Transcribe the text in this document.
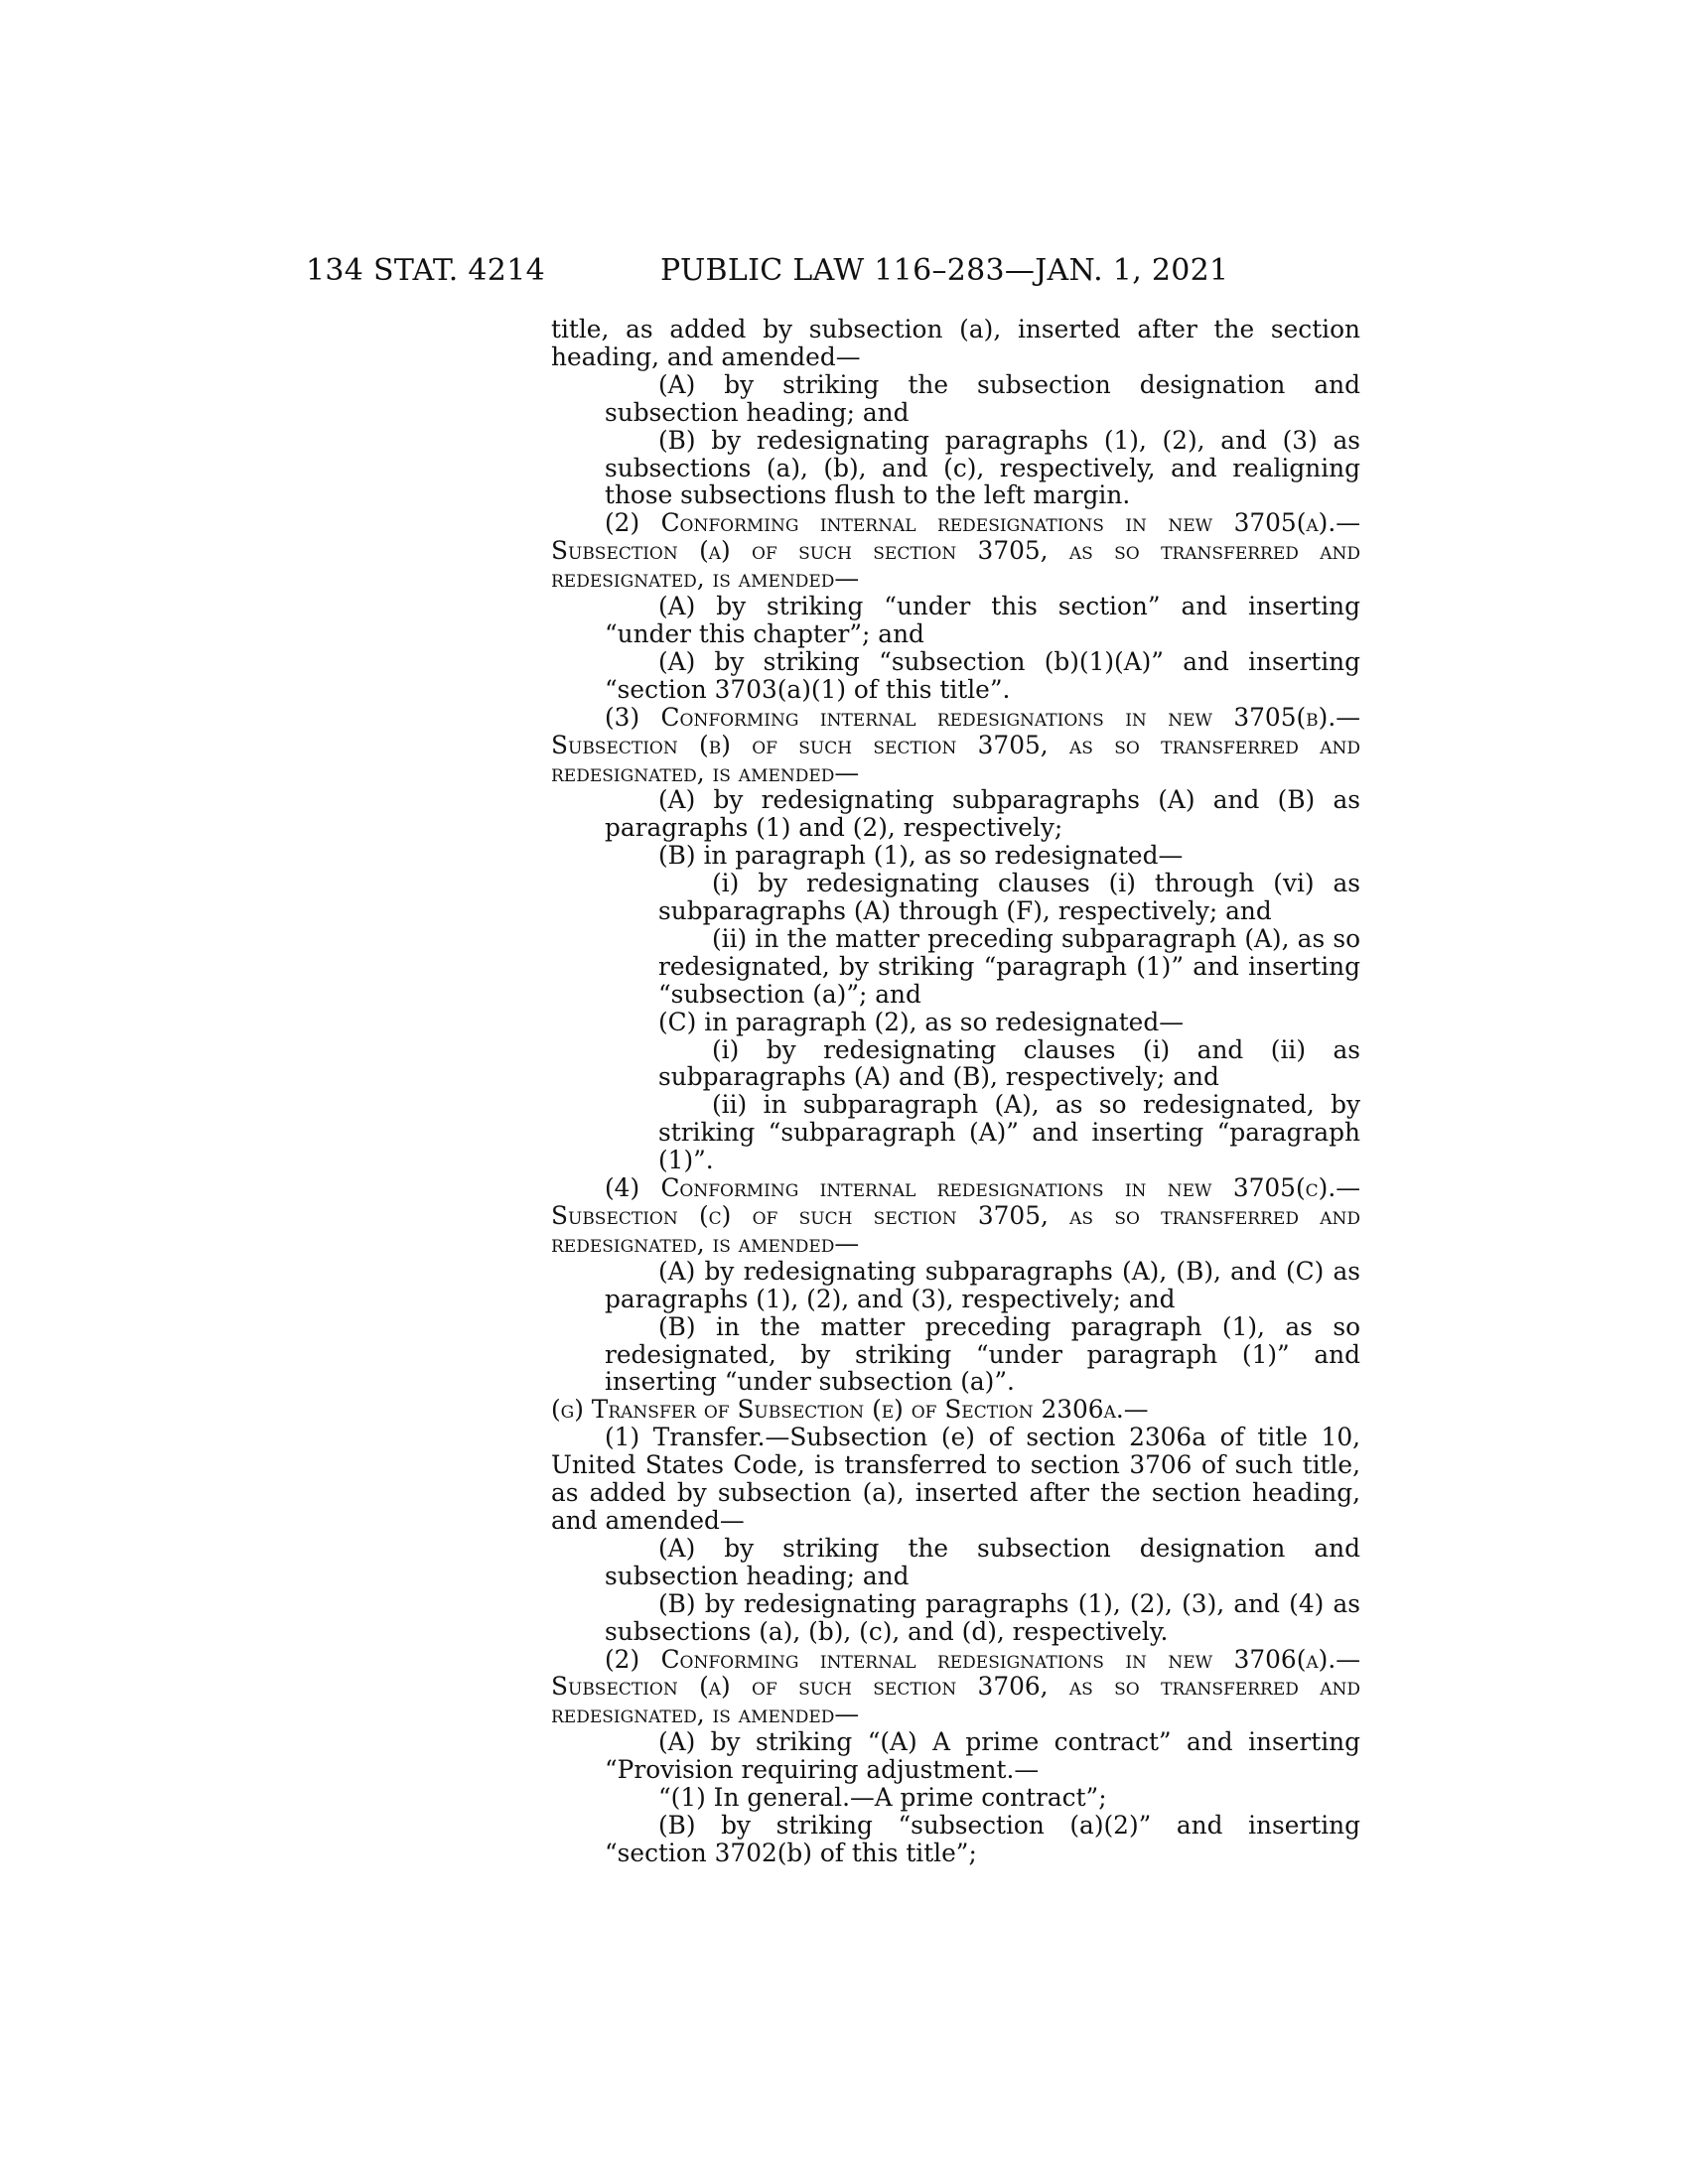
134 STAT. 4214	PUBLIC LAW 116–283—JAN. 1, 2021
title, as added by subsection (a), inserted after the section heading, and amended—
(A) by striking the subsection designation and subsection heading; and
(B) by redesignating paragraphs (1), (2), and (3) as subsections (a), (b), and (c), respectively, and realigning those subsections flush to the left margin.
(2) Conforming internal redesignations in new 3705(a).—Subsection (a) of such section 3705, as so transferred and redesignated, is amended—
(A) by striking “under this section” and inserting “under this chapter”; and
(A) by striking “subsection (b)(1)(A)” and inserting “section 3703(a)(1) of this title”.
(3) Conforming internal redesignations in new 3705(b).—Subsection (b) of such section 3705, as so transferred and redesignated, is amended—
(A) by redesignating subparagraphs (A) and (B) as paragraphs (1) and (2), respectively;
(B) in paragraph (1), as so redesignated—
(i) by redesignating clauses (i) through (vi) as subparagraphs (A) through (F), respectively; and
(ii) in the matter preceding subparagraph (A), as so redesignated, by striking “paragraph (1)” and inserting “subsection (a)”; and
(C) in paragraph (2), as so redesignated—
(i) by redesignating clauses (i) and (ii) as subparagraphs (A) and (B), respectively; and
(ii) in subparagraph (A), as so redesignated, by striking “subparagraph (A)” and inserting “paragraph (1)”.
(4) Conforming internal redesignations in new 3705(c).—Subsection (c) of such section 3705, as so transferred and redesignated, is amended—
(A) by redesignating subparagraphs (A), (B), and (C) as paragraphs (1), (2), and (3), respectively; and
(B) in the matter preceding paragraph (1), as so redesignated, by striking “under paragraph (1)” and inserting “under subsection (a)”.
(g) Transfer of Subsection (e) of Section 2306a.—
(1) Transfer.—Subsection (e) of section 2306a of title 10, United States Code, is transferred to section 3706 of such title, as added by subsection (a), inserted after the section heading, and amended—
(A) by striking the subsection designation and subsection heading; and
(B) by redesignating paragraphs (1), (2), (3), and (4) as subsections (a), (b), (c), and (d), respectively.
(2) Conforming internal redesignations in new 3706(a).—Subsection (a) of such section 3706, as so transferred and redesignated, is amended—
(A) by striking “(A) A prime contract” and inserting “Provision requiring adjustment.—
“(1) In general.—A prime contract”;
(B) by striking “subsection (a)(2)” and inserting “section 3702(b) of this title”;
